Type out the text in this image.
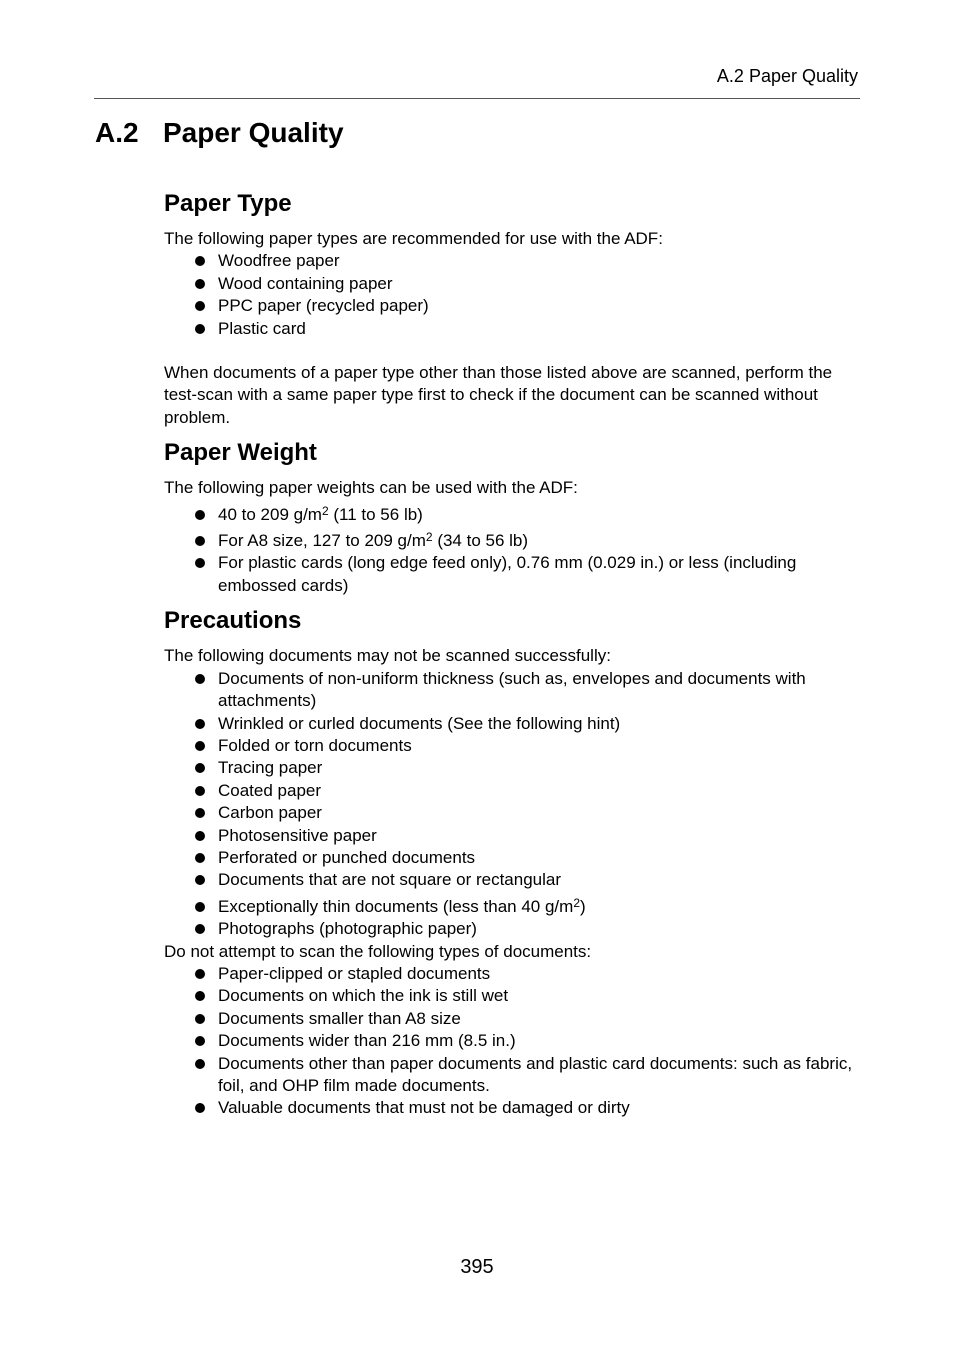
A.2 Paper Quality
A.2 Paper Quality
Paper Type

The following paper types are recommended for use with the ADF:

Woodfree paper
Wood containing paper
PPC paper (recycled paper)
Plastic card

When documents of a paper type other than those listed above are scanned, perform the test-scan with a same paper type first to check if the document can be scanned without problem.

Paper Weight

The following paper weights can be used with the ADF:

40 to 209 $g/m^2$ (11 to 56 lb)
For A8 size, 127 to 209 $g/m^2$ (34 to 56 lb)
For plastic cards (long edge feed only), 0.76 mm (0.029 in.) or less (including embossed cards)
Precautions

The following documents may not be scanned successfully:

Documents of non-uniform thickness (such as, envelopes and documents with attachments)
Wrinkled or curled documents (See the following hint)
Folded or torn documents
Tracing paper
Coated paper
Carbon paper
Photosensitive paper
Perforated or punched documents
Documents that are not square or rectangular
Exceptionally thin documents (less than 40 $g/m^2$)
Photographs (photographic paper)

Do not attempt to scan the following types of documents:

Paper-clipped or stapled documents
Documents on which the ink is still wet
Documents smaller than A8 size
Documents wider than 216 mm (8.5 in.)
Documents other than paper documents and plastic card documents: such as fabric, foil, and OHP film made documents.
Valuable documents that must not be damaged or dirty
395
